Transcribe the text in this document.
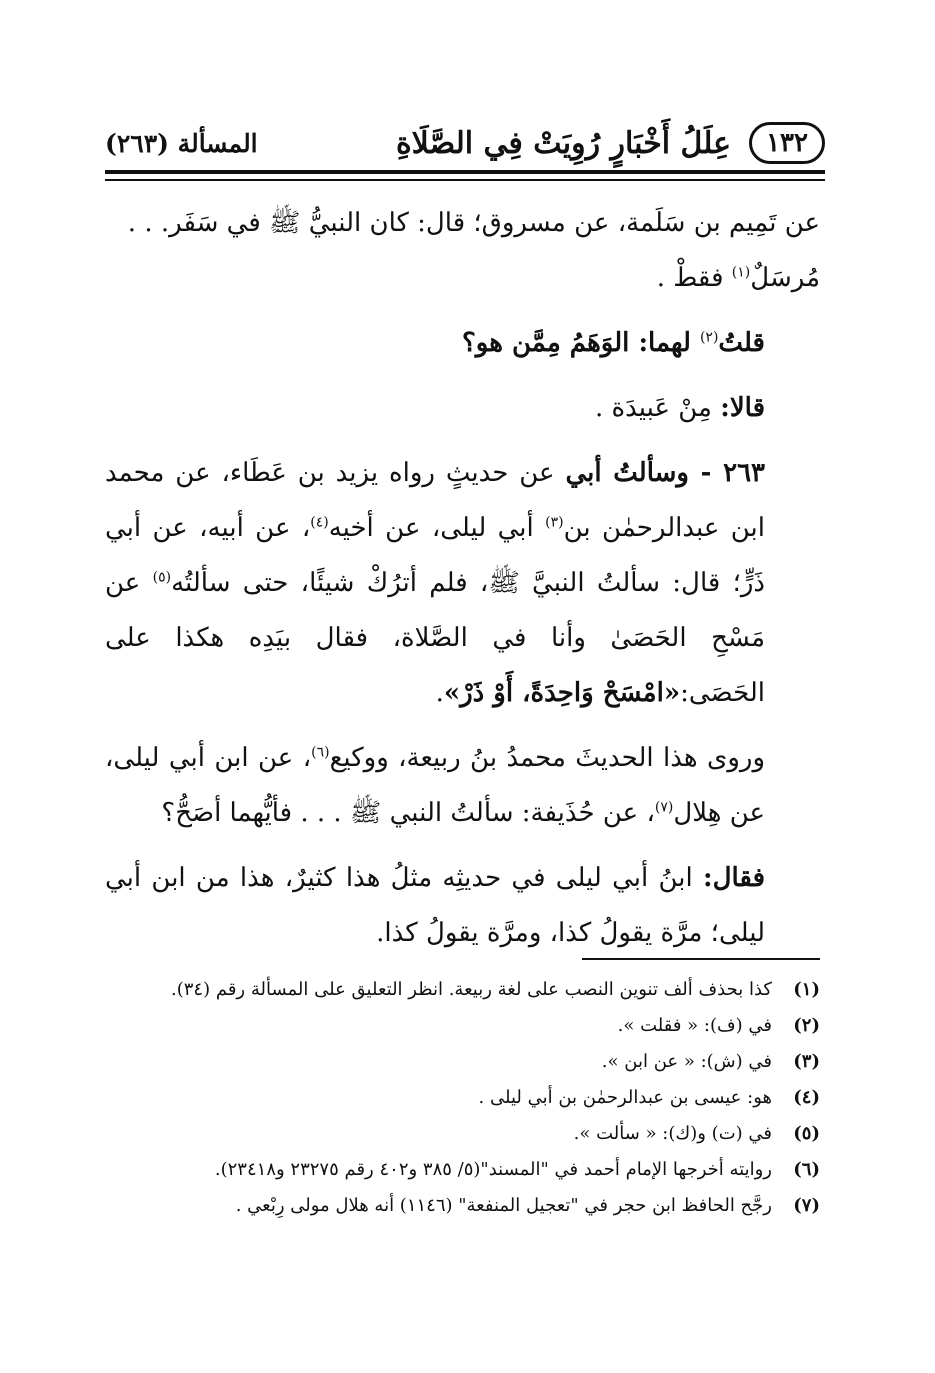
١٣٢
عِلَلُ أَخْبَارٍ رُوِيَتْ فِي الصَّلَاةِ
المسألة (٢٦٣)

عن تَمِيم بن سَلَمة، عن مسروق؛ قال: كان النبيُّ ﷺ في سَفَر. . .
مُرسَلٌ$^{(١)}$ فقطْ .

قلتُ$^{(٢)}$ لهما: الوَهَمُ مِمَّن هو؟

قالا: مِنْ عَبيدَة .

٢٦٣ - وسألتُ أبي عن حديثٍ رواه يزيد بن عَطَاء، عن محمد ابن عبدالرحمٰن بن$^{(٣)}$ أبي ليلى، عن أخيه$^{(٤)}$، عن أبيه، عن أبي ذَرٍّ؛ قال: سألتُ النبيَّ ﷺ، فلم أترُكْ شيئًا، حتى سألتُه$^{(٥)}$ عن مَسْحِ الحَصَىٰ وأنا في الصَّلاة، فقال بيَدِه هكذا على الحَصَى:«امْسَحْ وَاحِدَةً، أَوْ ذَرْ».

وروى هذا الحديثَ محمدُ بنُ ربيعة، ووكيع$^{(٦)}$، عن ابن أبي ليلى، عن هِلال$^{(٧)}$، عن حُذَيفة: سألتُ النبي ﷺ . . . فأيُّهما أصَحُّ؟

فقال: ابنُ أبي ليلى في حديثِه مثلُ هذا كثيرٌ، هذا من ابن أبي ليلى؛ مرَّة يقولُ كذا، ومرَّة يقولُ كذا.

(١)
كذا بحذف ألف تنوين النصب على لغة ربيعة. انظر التعليق على المسألة رقم (٣٤).
(٢)
في (ف): « فقلت ».
(٣)
في (ش): « عن ابن ».
(٤)
هو: عيسى بن عبدالرحمٰن بن أبي ليلى .
(٥)
في (ت) و(ك): « سألت ».
(٦)
روايته أخرجها الإمام أحمد في "المسند"(٥/ ٣٨٥ و٤٠٢ رقم ٢٣٢٧٥ و٢٣٤١٨).
(٧)
رجَّح الحافظ ابن حجر في "تعجيل المنفعة" (١١٤٦) أنه هلال مولى رِبْعي .
